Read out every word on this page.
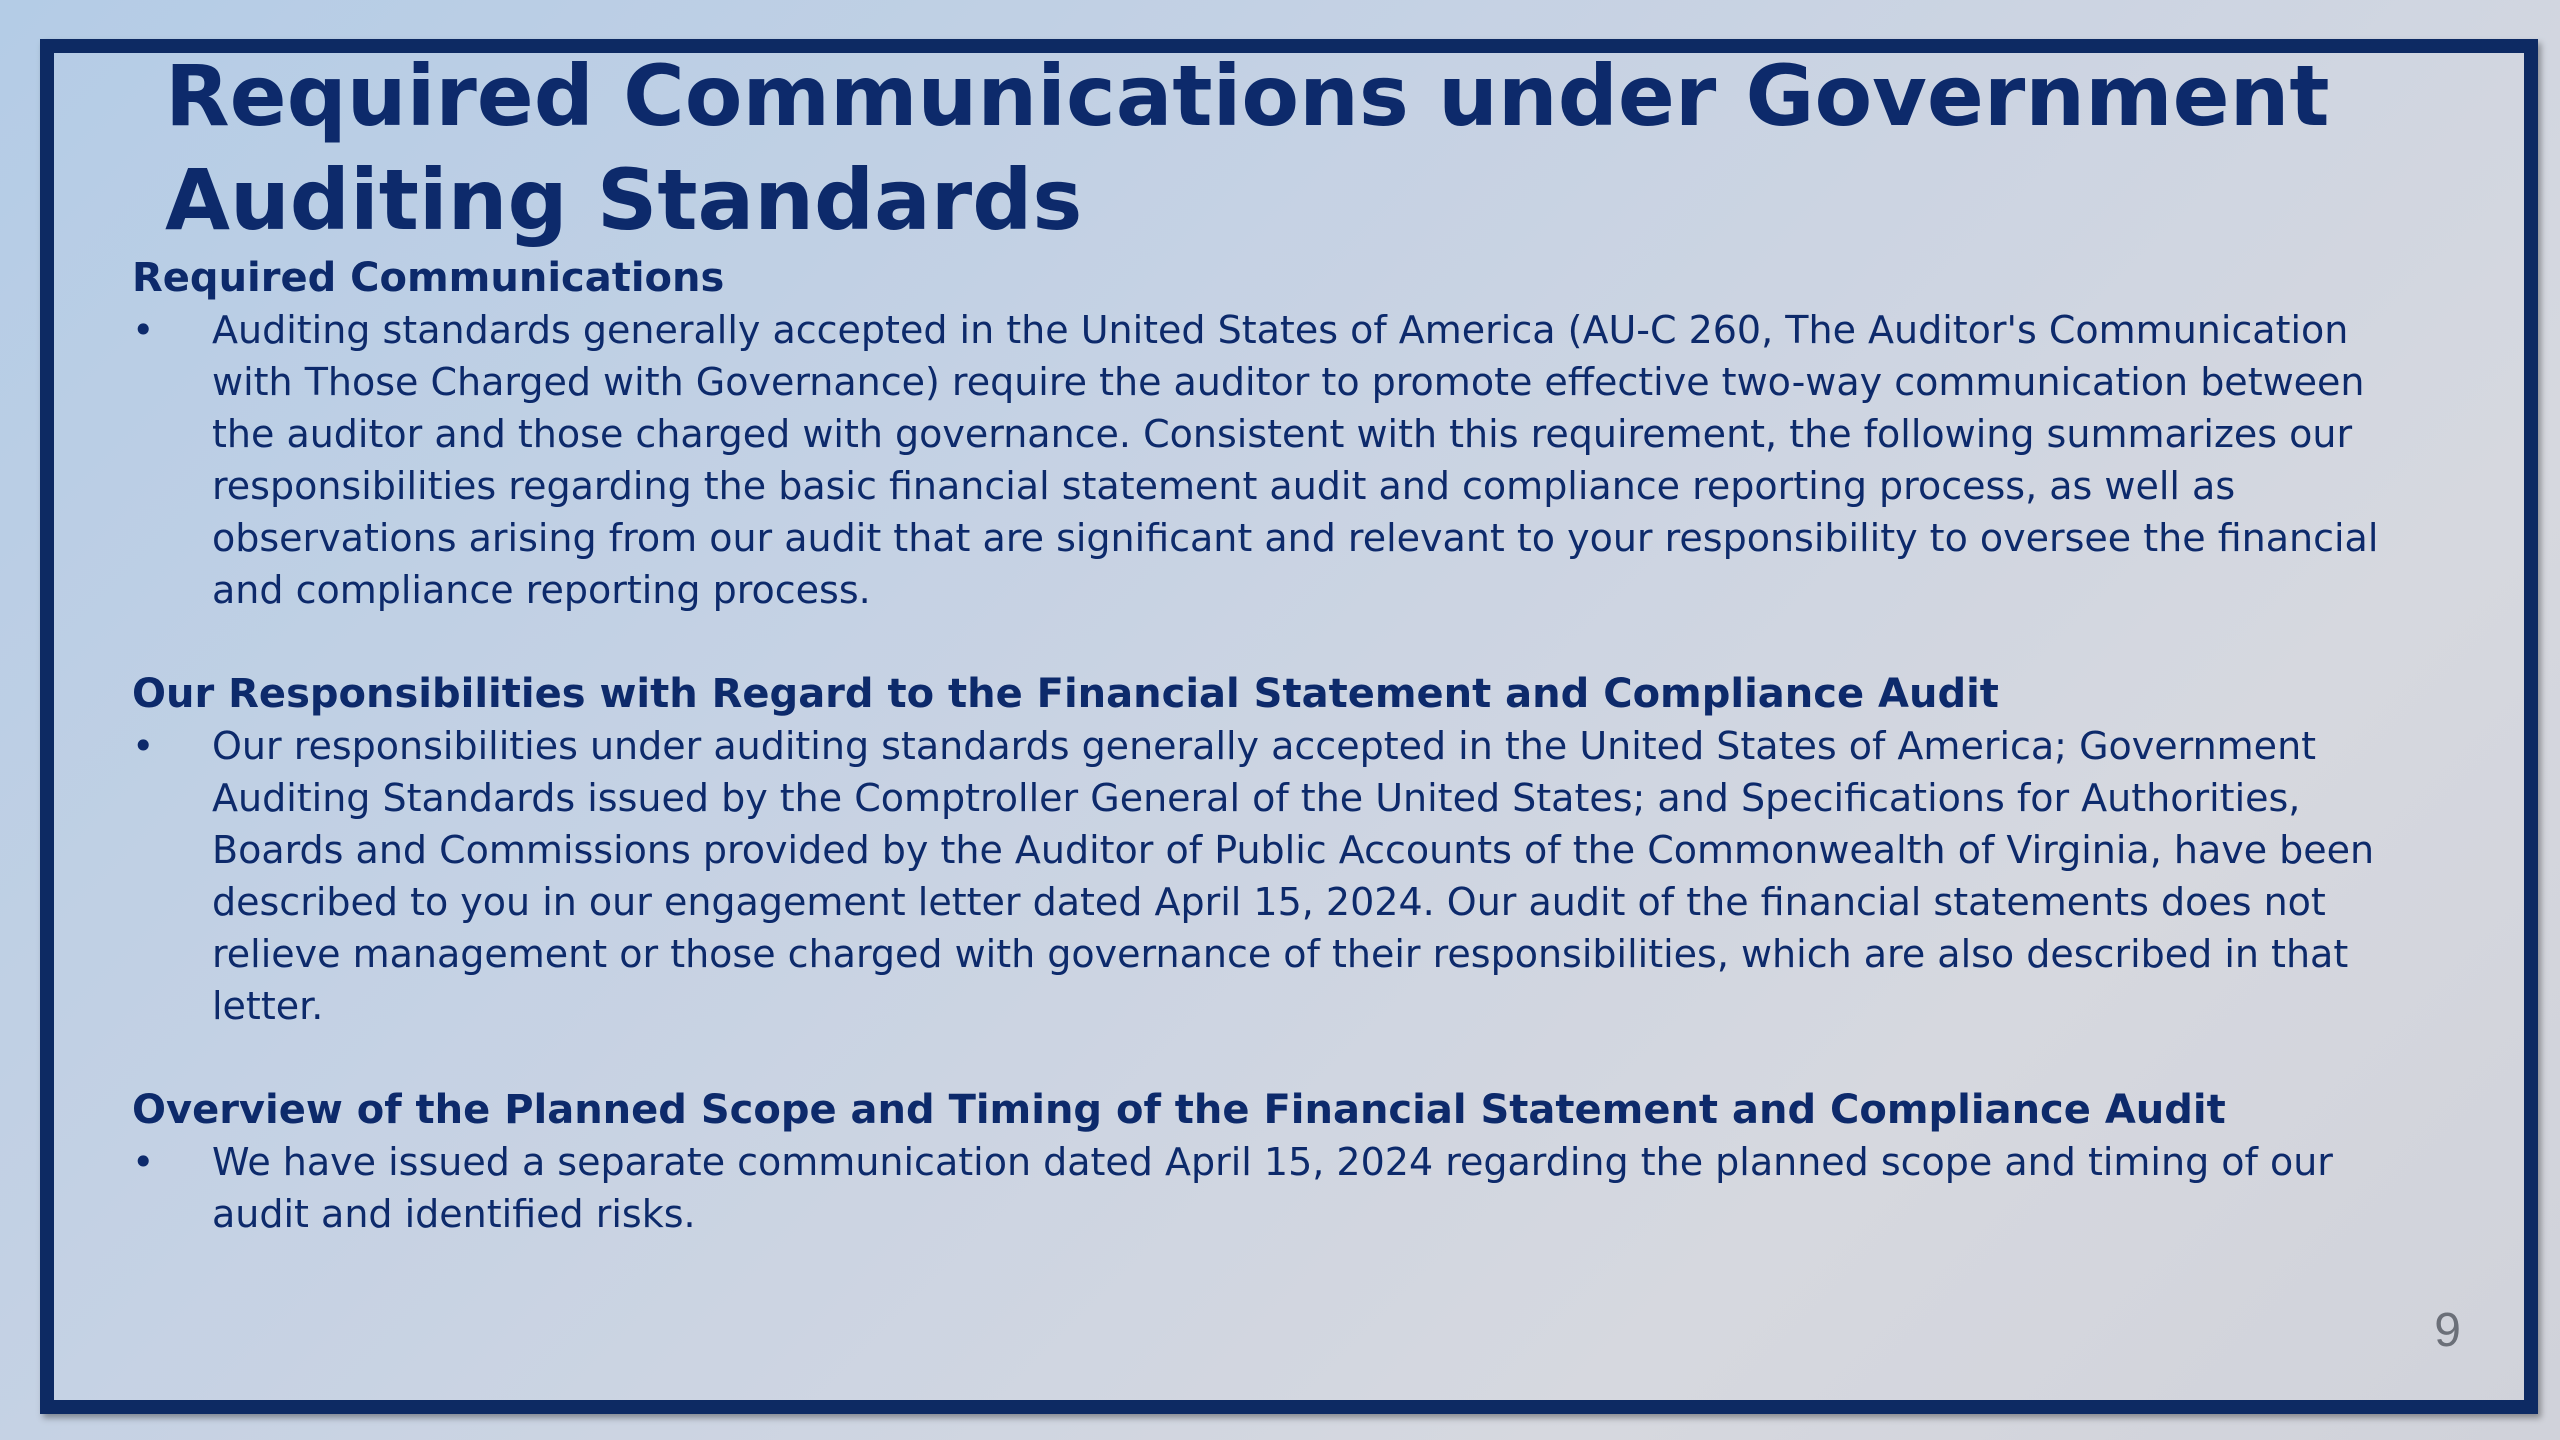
Required Communications under Government Auditing Standards

Required Communications

• Auditing standards generally accepted in the United States of America (AU-C 260, The Auditor's Communication with Those Charged with Governance) require the auditor to promote effective two-way communication between the auditor and those charged with governance. Consistent with this requirement, the following summarizes our responsibilities regarding the basic financial statement audit and compliance reporting process, as well as observations arising from our audit that are significant and relevant to your responsibility to oversee the financial and compliance reporting process.

Our Responsibilities with Regard to the Financial Statement and Compliance Audit

• Our responsibilities under auditing standards generally accepted in the United States of America; Government Auditing Standards issued by the Comptroller General of the United States; and Specifications for Authorities, Boards and Commissions provided by the Auditor of Public Accounts of the Commonwealth of Virginia, have been described to you in our engagement letter dated April 15, 2024. Our audit of the financial statements does not relieve management or those charged with governance of their responsibilities, which are also described in that letter.

Overview of the Planned Scope and Timing of the Financial Statement and Compliance Audit

• We have issued a separate communication dated April 15, 2024 regarding the planned scope and timing of our audit and identified risks.

9
